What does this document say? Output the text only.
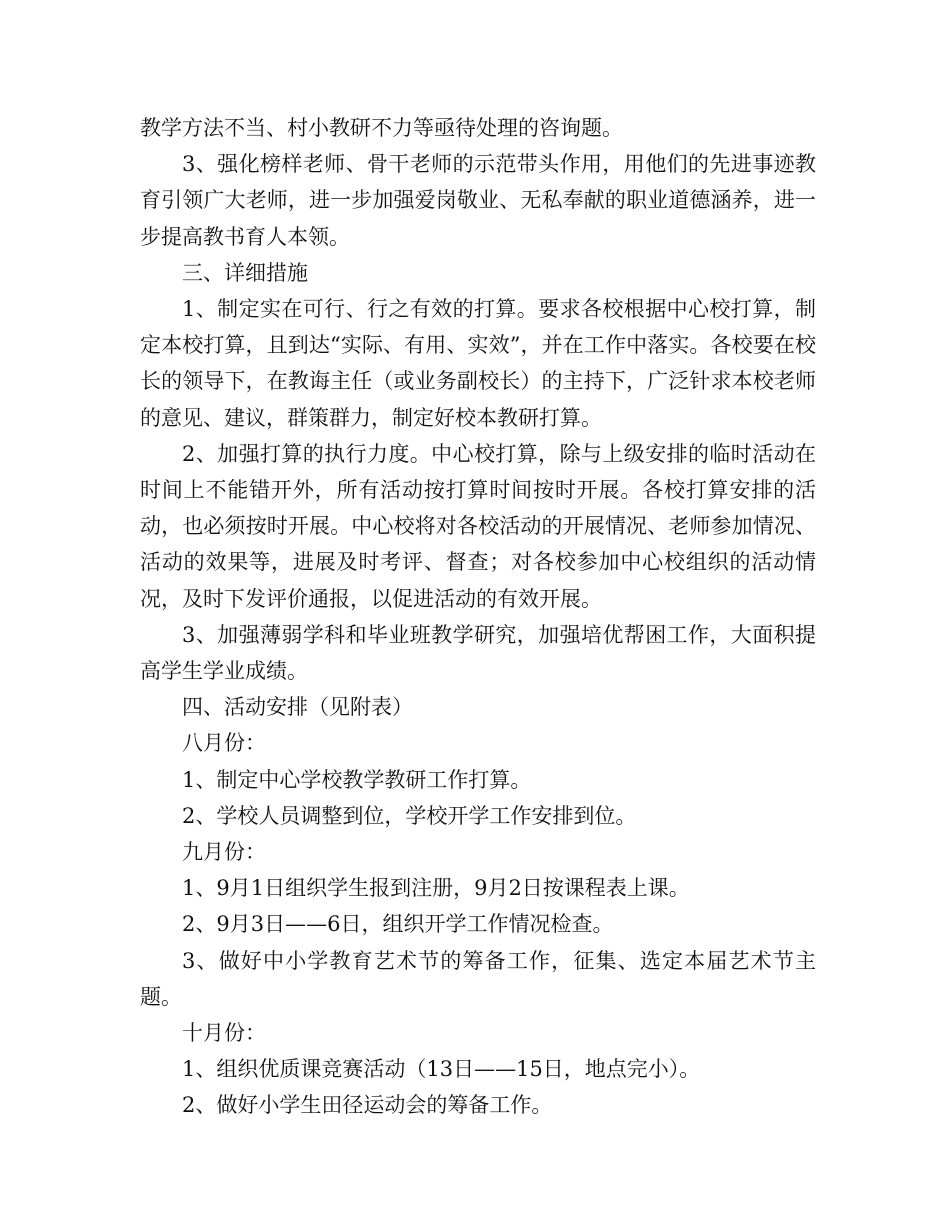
教学方法不当、村小教研不力等亟待处理的咨询题。

3、强化榜样老师、骨干老师的示范带头作用，用他们的先进事迹教育引领广大老师，进一步加强爱岗敬业、无私奉献的职业道德涵养，进一步提高教书育人本领。

三、详细措施

1、制定实在可行、行之有效的打算。要求各校根据中心校打算，制定本校打算，且到达“实际、有用、实效”，并在工作中落实。各校要在校长的领导下，在教诲主任（或业务副校长）的主持下，广泛针求本校老师的意见、建议，群策群力，制定好校本教研打算。

2、加强打算的执行力度。中心校打算，除与上级安排的临时活动在时间上不能错开外，所有活动按打算时间按时开展。各校打算安排的活动，也必须按时开展。中心校将对各校活动的开展情况、老师参加情况、活动的效果等，进展及时考评、督查；对各校参加中心校组织的活动情况，及时下发评价通报，以促进活动的有效开展。

3、加强薄弱学科和毕业班教学研究，加强培优帮困工作，大面积提高学生学业成绩。

四、活动安排（见附表）

八月份：

1、制定中心学校教学教研工作打算。

2、学校人员调整到位，学校开学工作安排到位。

九月份：

1、9月1日组织学生报到注册，9月2日按课程表上课。

2、9月3日——6日，组织开学工作情况检查。

3、做好中小学教育艺术节的筹备工作，征集、选定本届艺术节主题。

十月份：

1、组织优质课竞赛活动（13日——15日，地点完小）。

2、做好小学生田径运动会的筹备工作。
